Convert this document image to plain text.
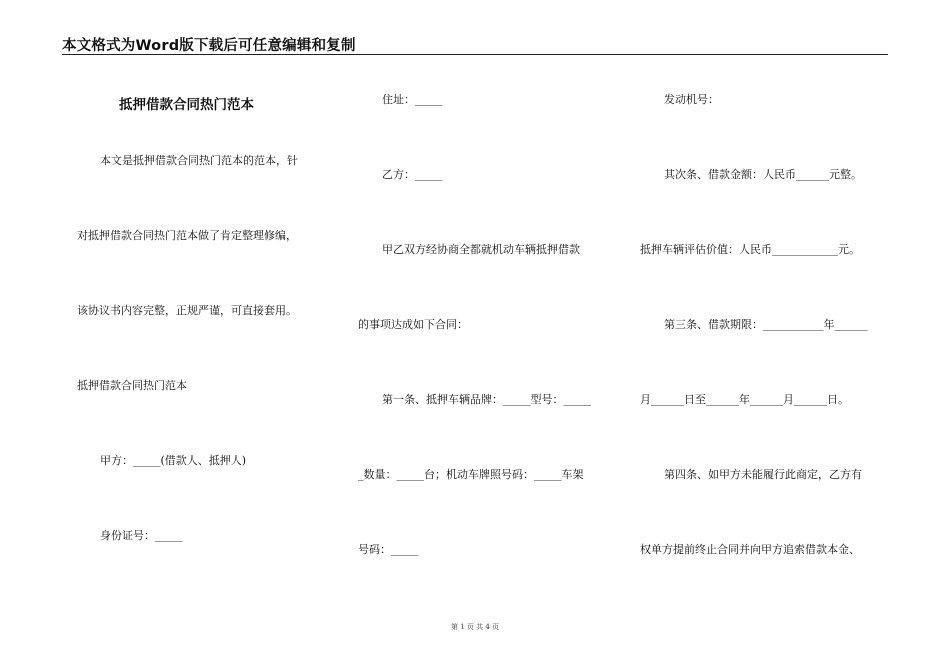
本文格式为Word版下载后可任意编辑和复制
抵押借款合同热门范本
本文是抵押借款合同热门范本的范本，针
对抵押借款合同热门范本做了肯定整理修编，
该协议书内容完整，正规严谨，可直接套用。
抵押借款合同热门范本
甲方：_____(借款人、抵押人)
身份证号：_____
住址：_____
乙方：_____
甲乙双方经协商全都就机动车辆抵押借款
的事项达成如下合同：
第一条、抵押车辆品牌：_____型号：_____
_数量：_____台；机动车牌照号码：_____车架
号码：_____
发动机号：
其次条、借款金额：人民币______元整。
抵押车辆评估价值：人民币____________元。
第三条、借款期限：___________年______
月______日至______年______月______日。
第四条、如甲方未能履行此商定，乙方有
权单方提前终止合同并向甲方追索借款本金、
第 1 页 共 4 页
